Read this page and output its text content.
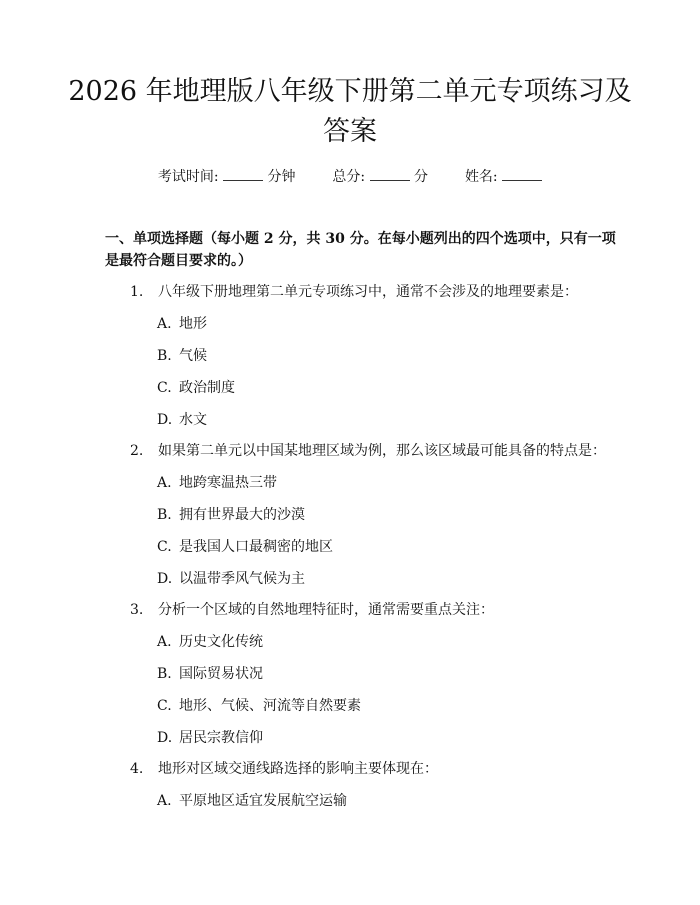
2026 年地理版八年级下册第二单元专项练习及答案
考试时间:	分钟	总分:	分	姓名:

一、单项选择题（每小题 2 分，共 30 分。在每小题列出的四个选项中，只有一项是最符合题目要求的。）

1. 八年级下册地理第二单元专项练习中，通常不会涉及的地理要素是：

A. 地形

B. 气候

C. 政治制度

D. 水文

2. 如果第二单元以中国某地理区域为例，那么该区域最可能具备的特点是：

A. 地跨寒温热三带

B. 拥有世界最大的沙漠

C. 是我国人口最稠密的地区

D. 以温带季风气候为主

3. 分析一个区域的自然地理特征时，通常需要重点关注：

A. 历史文化传统

B. 国际贸易状况

C. 地形、气候、河流等自然要素

D. 居民宗教信仰

4. 地形对区域交通线路选择的影响主要体现在：

A. 平原地区适宜发展航空运输
